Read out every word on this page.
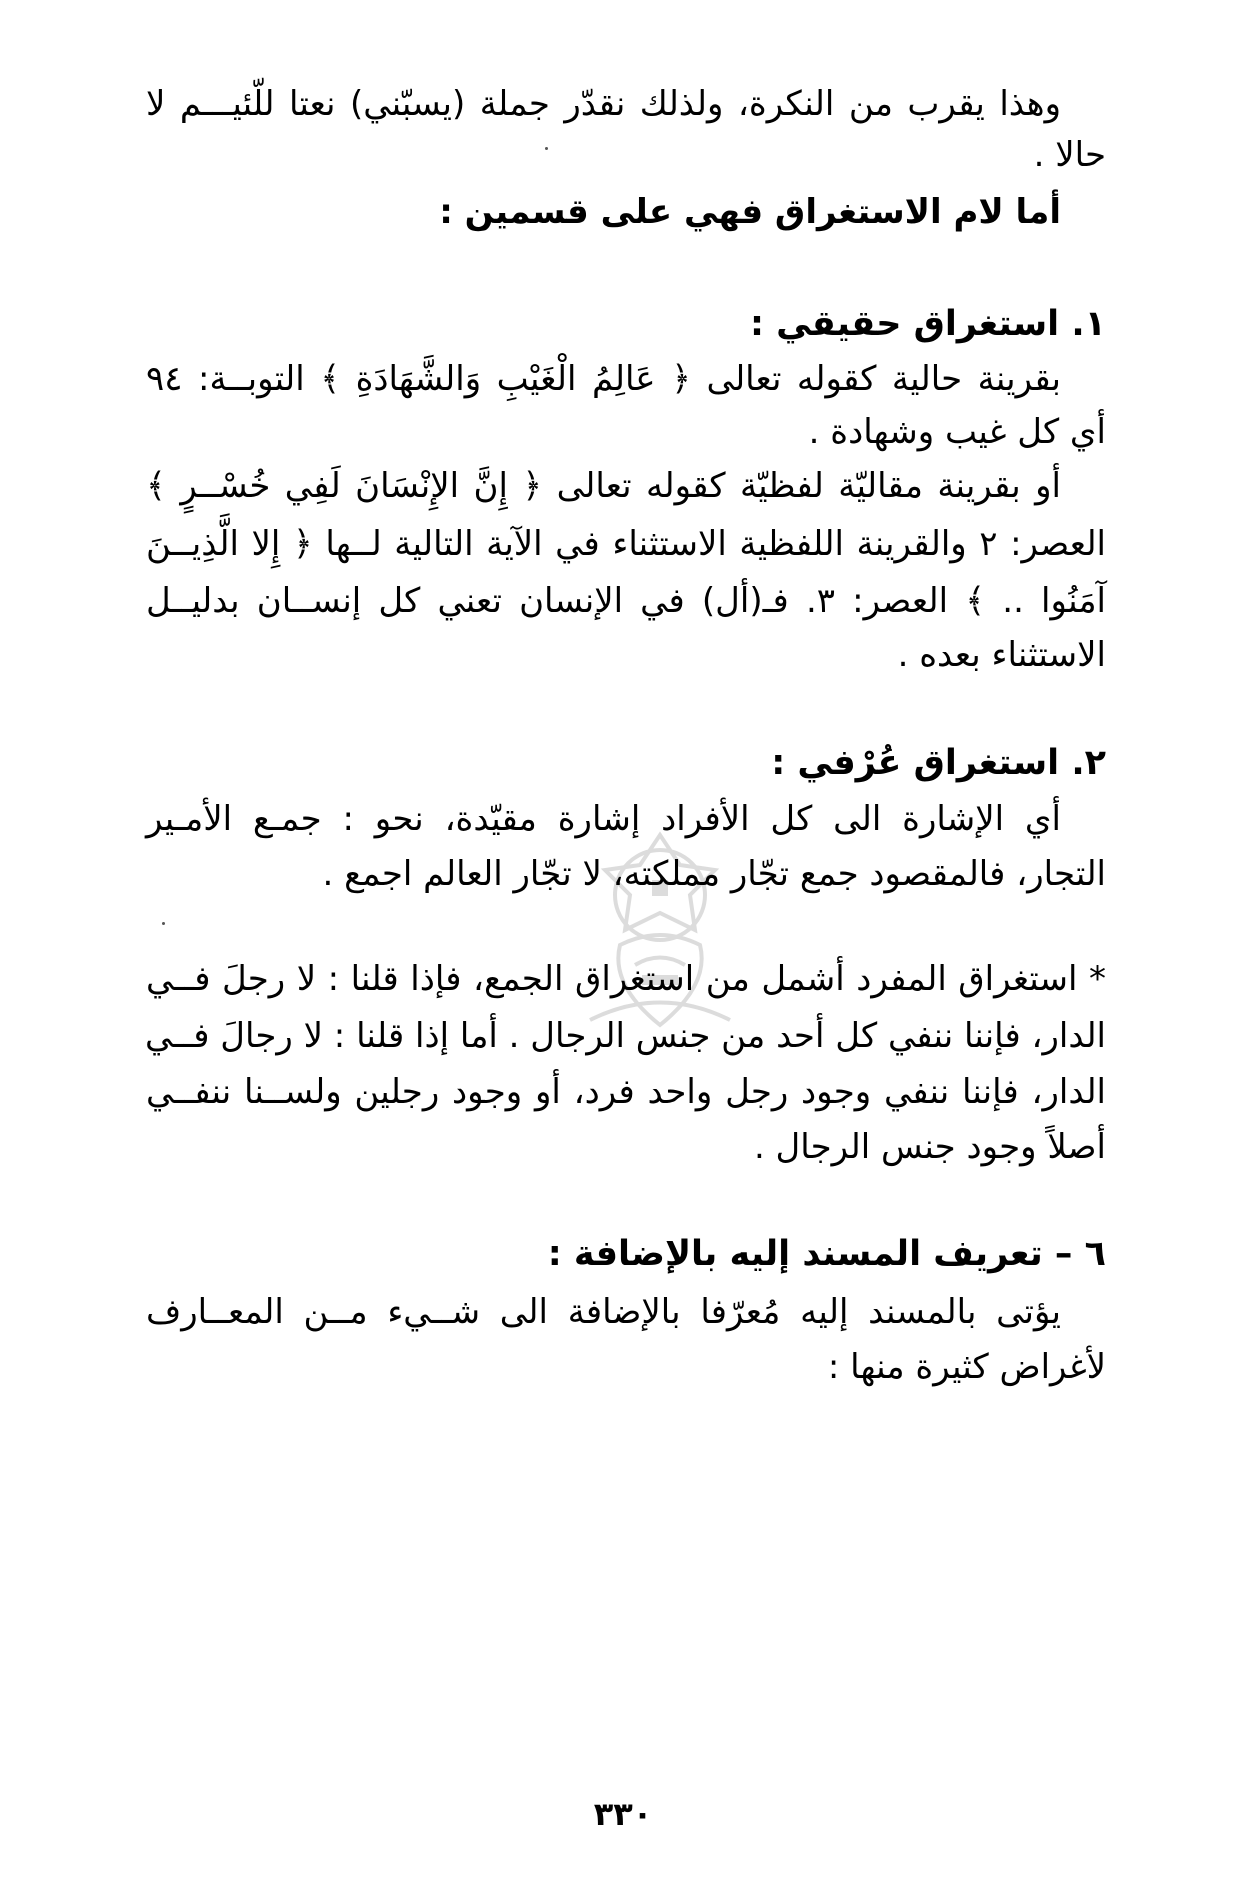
وهذا يقرب من النكرة، ولذلك نقدّر جملة (يسبّني) نعتا للّئيـــم لا
حالا .
أما لام الاستغراق فهي على قسمين :
١. استغراق حقيقي :
بقرينة حالية كقوله تعالى ﴿ عَالِمُ الْغَيْبِ وَالشَّهَادَةِ ﴾ التوبــة: ٩٤
أي كل غيب وشهادة .
أو بقرينة مقاليّة لفظيّة كقوله تعالى ﴿ إِنَّ الإِنْسَانَ لَفِي خُسْــرٍ ﴾
العصر: ٢ والقرينة اللفظية الاستثناء في الآية التالية لــها ﴿ إِلا الَّذِيــنَ
آمَنُوا .. ﴾ العصر: ٣. فـ(أل) في الإنسان تعني كل إنســان بدليــل
الاستثناء بعده .
٢. استغراق عُرْفي :
أي الإشارة الى كل الأفراد إشارة مقيّدة، نحو : جمـع الأمـير
التجار، فالمقصود جمع تجّار مملكته، لا تجّار العالم اجمع .
* استغراق المفرد أشمل من استغراق الجمع، فإذا قلنا : لا رجلَ فــي
الدار، فإننا ننفي كل أحد من جنس الرجال . أما إذا قلنا : لا رجالَ فــي
الدار، فإننا ننفي وجود رجل واحد فرد، أو وجود رجلين ولســنا ننفــي
أصلاً وجود جنس الرجال .
٦ – تعريف المسند إليه بالإضافة :
يؤتى بالمسند إليه مُعرّفا بالإضافة الى شــيء مــن المعــارف
لأغراض كثيرة منها :
٣٣٠
